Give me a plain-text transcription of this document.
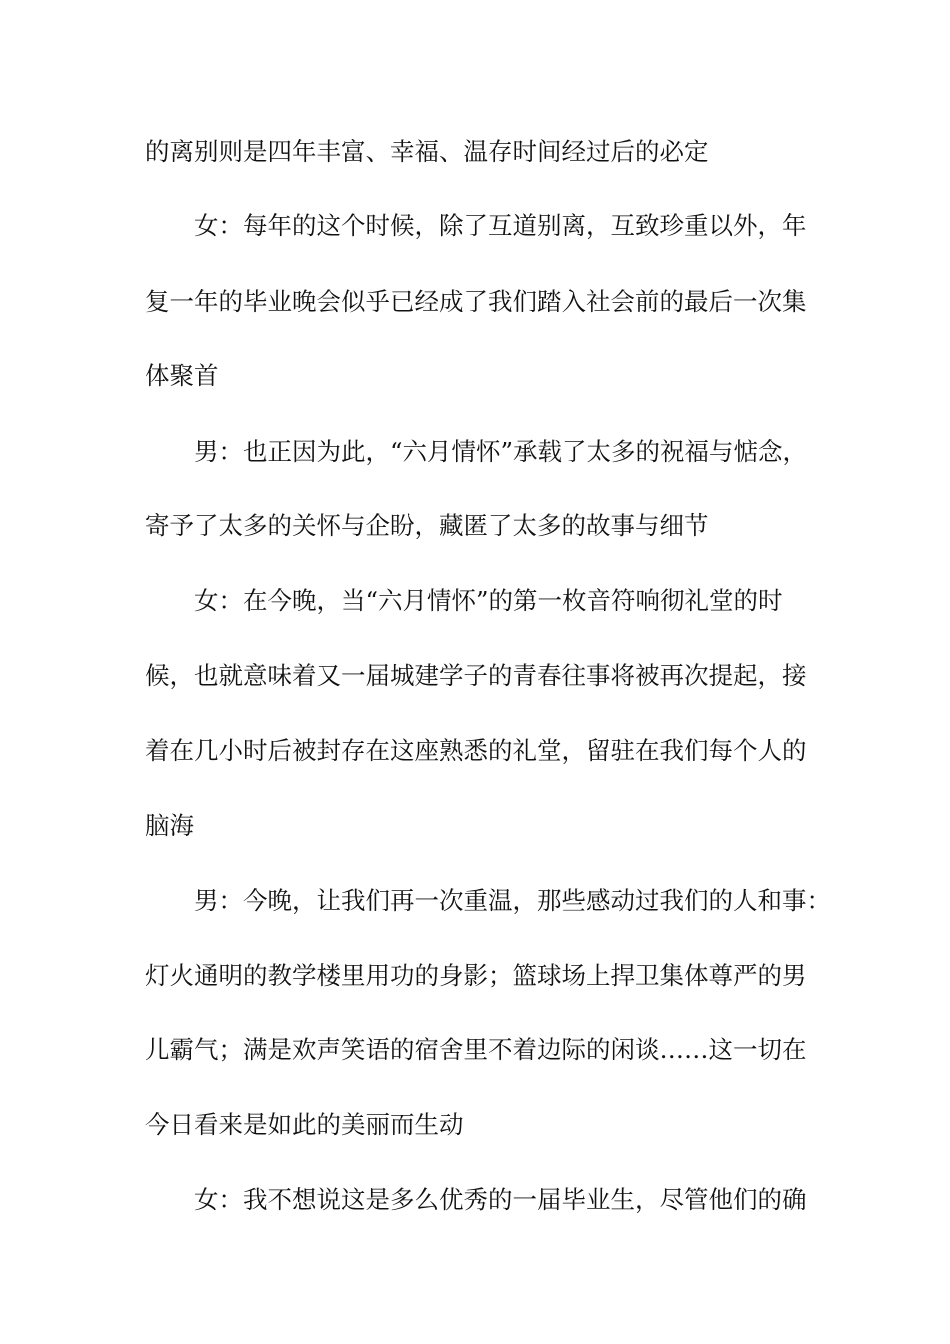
的离别则是四年丰富、幸福、温存时间经过后的必定
女：每年的这个时候，除了互道别离，互致珍重以外，年
复一年的毕业晚会似乎已经成了我们踏入社会前的最后一次集
体聚首
男：也正因为此，“六月情怀”承载了太多的祝福与惦念，
寄予了太多的关怀与企盼，藏匿了太多的故事与细节
女：在今晚，当“六月情怀”的第一枚音符响彻礼堂的时
候，也就意味着又一届城建学子的青春往事将被再次提起，接
着在几小时后被封存在这座熟悉的礼堂，留驻在我们每个人的
脑海
男：今晚，让我们再一次重温，那些感动过我们的人和事：
灯火通明的教学楼里用功的身影；篮球场上捍卫集体尊严的男
儿霸气；满是欢声笑语的宿舍里不着边际的闲谈……这一切在
今日看来是如此的美丽而生动
女：我不想说这是多么优秀的一届毕业生，尽管他们的确
